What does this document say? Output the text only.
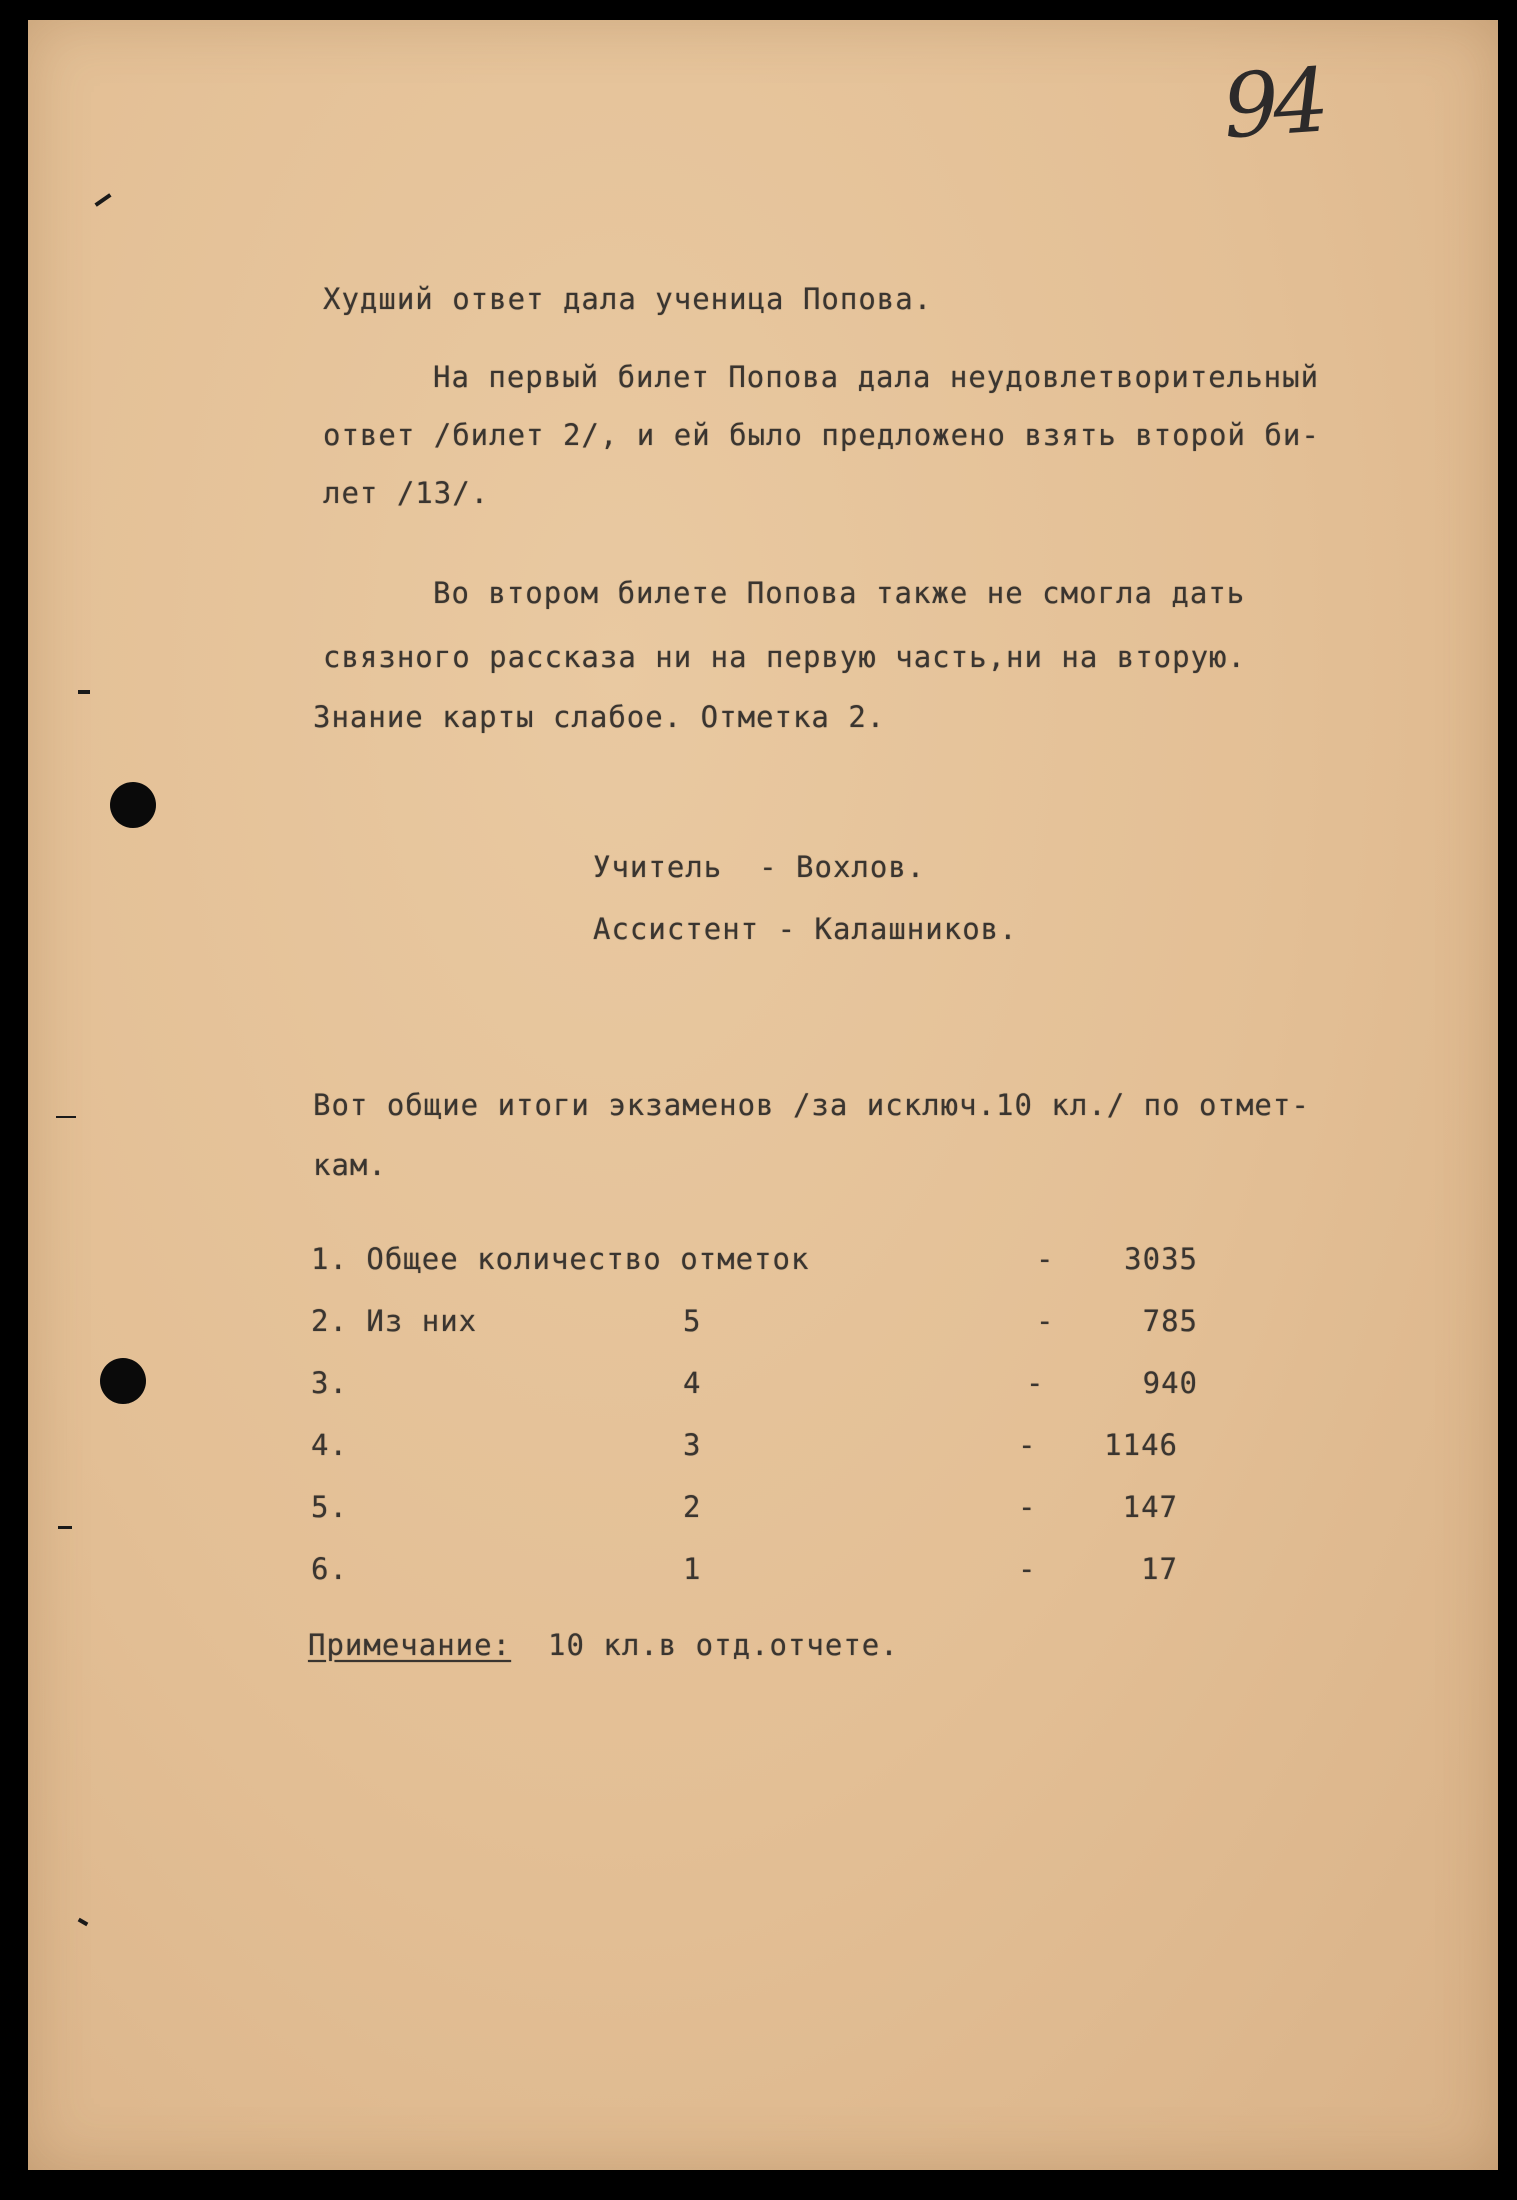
94
Худший ответ дала ученица Попова.
На первый билет Попова дала неудовлетворительный
ответ /билет 2/, и ей было предложено взять второй би-
лет /13/.
Во втором билете Попова также не смогла дать
связного рассказа ни на первую часть,ни на вторую.
Знание карты слабое. Отметка 2.
Учитель  - Вохлов.
Ассистент - Калашников.
Вот общие итоги экзаменов /за исключ.10 кл./ по отмет-
кам.
1. Общее количество отметок	-	3035
2. Из них	5	-	785
3.	4	-	940
4.	3	-	1146
5.	2	-	147
6.	1	-	17
Примечание: 10 кл.в отд.отчете.
